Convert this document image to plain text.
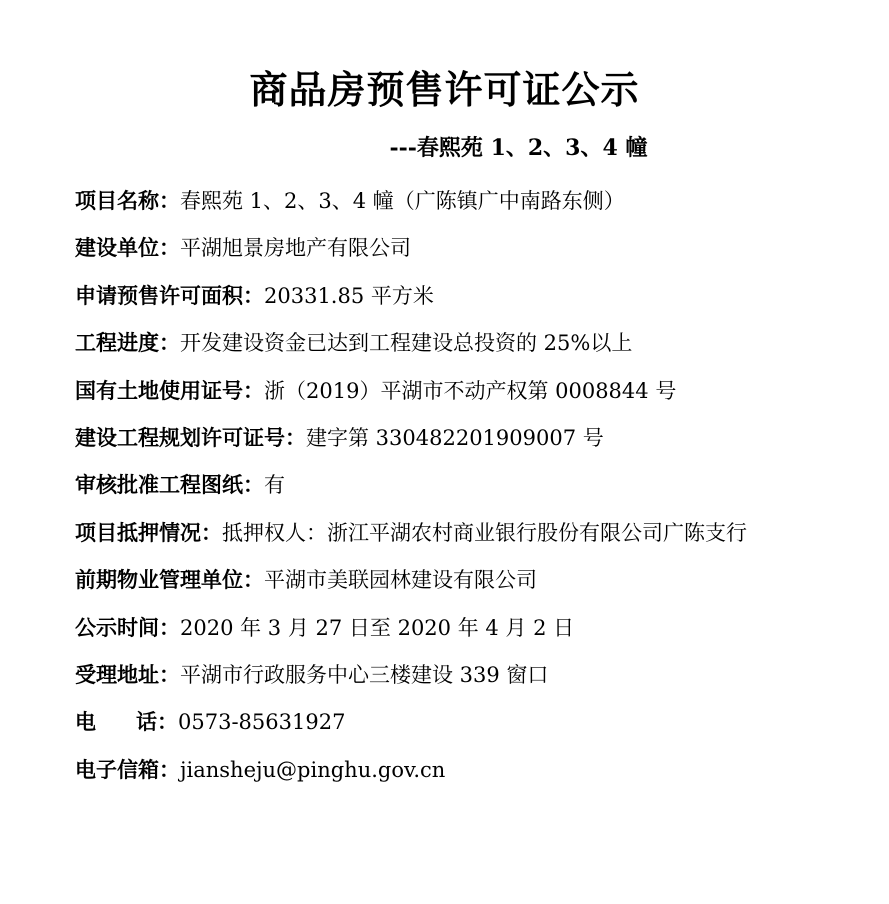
商品房预售许可证公示
---春熙苑 1、2、3、4 幢
项目名称：春熙苑 1、2、3、4 幢（广陈镇广中南路东侧）
建设单位：平湖旭景房地产有限公司
申请预售许可面积：20331.85 平方米
工程进度：开发建设资金已达到工程建设总投资的 25%以上
国有土地使用证号：浙（2019）平湖市不动产权第 0008844 号
建设工程规划许可证号：建字第 330482201909007 号
审核批准工程图纸：有
项目抵押情况：抵押权人：浙江平湖农村商业银行股份有限公司广陈支行
前期物业管理单位：平湖市美联园林建设有限公司
公示时间：2020 年 3 月 27 日至 2020 年 4 月 2 日
受理地址：平湖市行政服务中心三楼建设 339 窗口
电 话：0573-85631927
电子信箱：jiansheju@pinghu.gov.cn
